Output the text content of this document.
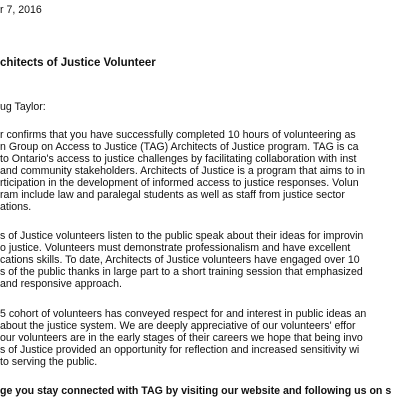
r 7, 2016
chitects of Justice Volunteer
ug Taylor:
r confirms that you have successfully completed 10 hours of volunteering as
n Group on Access to Justice (TAG) Architects of Justice program. TAG is ca
to Ontario's access to justice challenges by facilitating collaboration with inst
and community stakeholders. Architects of Justice is a program that aims to in
rticipation in the development of informed access to justice responses. Volun
ram include law and paralegal students as well as staff from justice sector
ations.
s of Justice volunteers listen to the public speak about their ideas for improvin
o justice. Volunteers must demonstrate professionalism and have excellent
cations skills. To date, Architects of Justice volunteers have engaged over 10
s of the public thanks in large part to a short training session that emphasized
and responsive approach.
5 cohort of volunteers has conveyed respect for and interest in public ideas an
about the justice system. We are deeply appreciative of our volunteers' effor
our volunteers are in the early stages of their careers we hope that being invo
s of Justice provided an opportunity for reflection and increased sensitivity wi
to serving the public.
ge you stay connected with TAG by visiting our website and following us on s
